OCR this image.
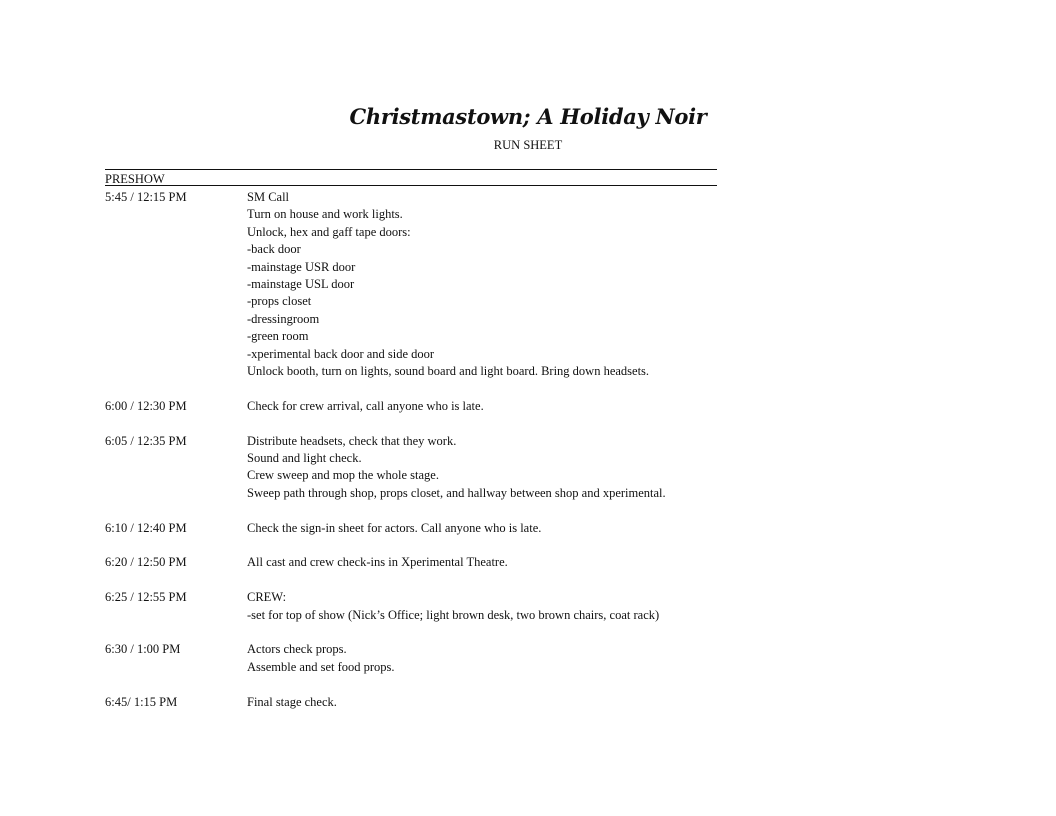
Christmastown; A Holiday Noir
RUN SHEET
PRESHOW
5:45 / 12:15 PM	SM Call
Turn on house and work lights.
Unlock, hex and gaff tape doors:
-back door
-mainstage USR door
-mainstage USL door
-props closet
-dressingroom
-green room
-xperimental back door and side door
Unlock booth, turn on lights, sound board and light board. Bring down headsets.
6:00 / 12:30 PM	Check for crew arrival, call anyone who is late.
6:05 / 12:35 PM	Distribute headsets, check that they work.
Sound and light check.
Crew sweep and mop the whole stage.
Sweep path through shop, props closet, and hallway between shop and xperimental.
6:10 / 12:40 PM	Check the sign-in sheet for actors. Call anyone who is late.
6:20 / 12:50 PM	All cast and crew check-ins in Xperimental Theatre.
6:25 / 12:55 PM	CREW:
-set for top of show (Nick’s Office; light brown desk, two brown chairs, coat rack)
6:30 / 1:00 PM	Actors check props.
Assemble and set food props.
6:45/ 1:15 PM	Final stage check.
